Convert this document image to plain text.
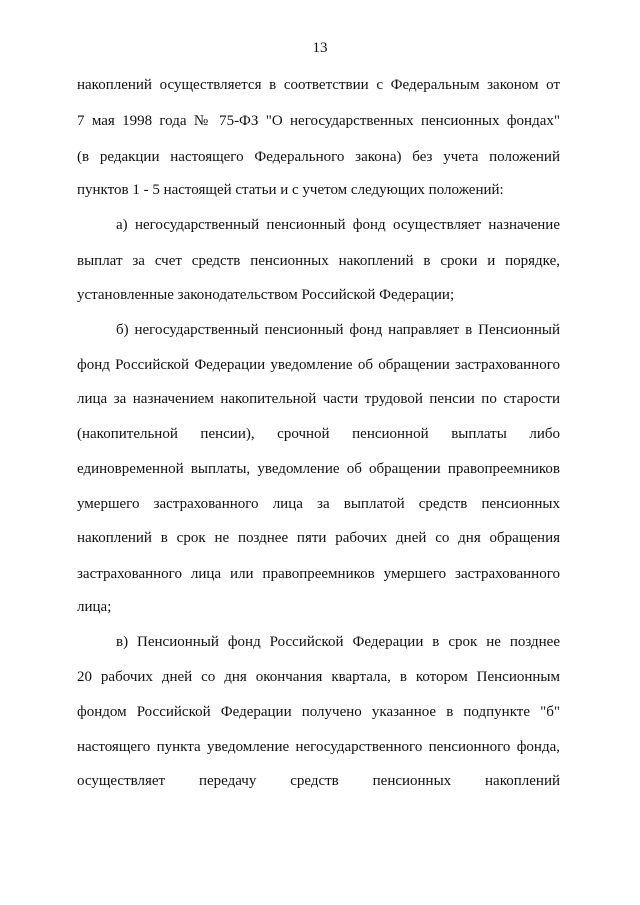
13
накоплений осуществляется в соответствии с Федеральным законом от
7 мая 1998 года № 75-ФЗ "О негосударственных пенсионных фондах"
(в редакции настоящего Федерального закона) без учета положений
пунктов 1 - 5 настоящей статьи и с учетом следующих положений:
а) негосударственный пенсионный фонд осуществляет назначение
выплат за счет средств пенсионных накоплений в сроки и порядке,
установленные законодательством Российской Федерации;
б) негосударственный пенсионный фонд направляет в Пенсионный
фонд Российской Федерации уведомление об обращении застрахованного
лица за назначением накопительной части трудовой пенсии по старости
(накопительной пенсии), срочной пенсионной выплаты либо
единовременной выплаты, уведомление об обращении правопреемников
умершего застрахованного лица за выплатой средств пенсионных
накоплений в срок не позднее пяти рабочих дней со дня обращения
застрахованного лица или правопреемников умершего застрахованного
лица;
в) Пенсионный фонд Российской Федерации в срок не позднее
20 рабочих дней со дня окончания квартала, в котором Пенсионным
фондом Российской Федерации получено указанное в подпункте "б"
настоящего пункта уведомление негосударственного пенсионного фонда,
осуществляет передачу средств пенсионных накоплений
